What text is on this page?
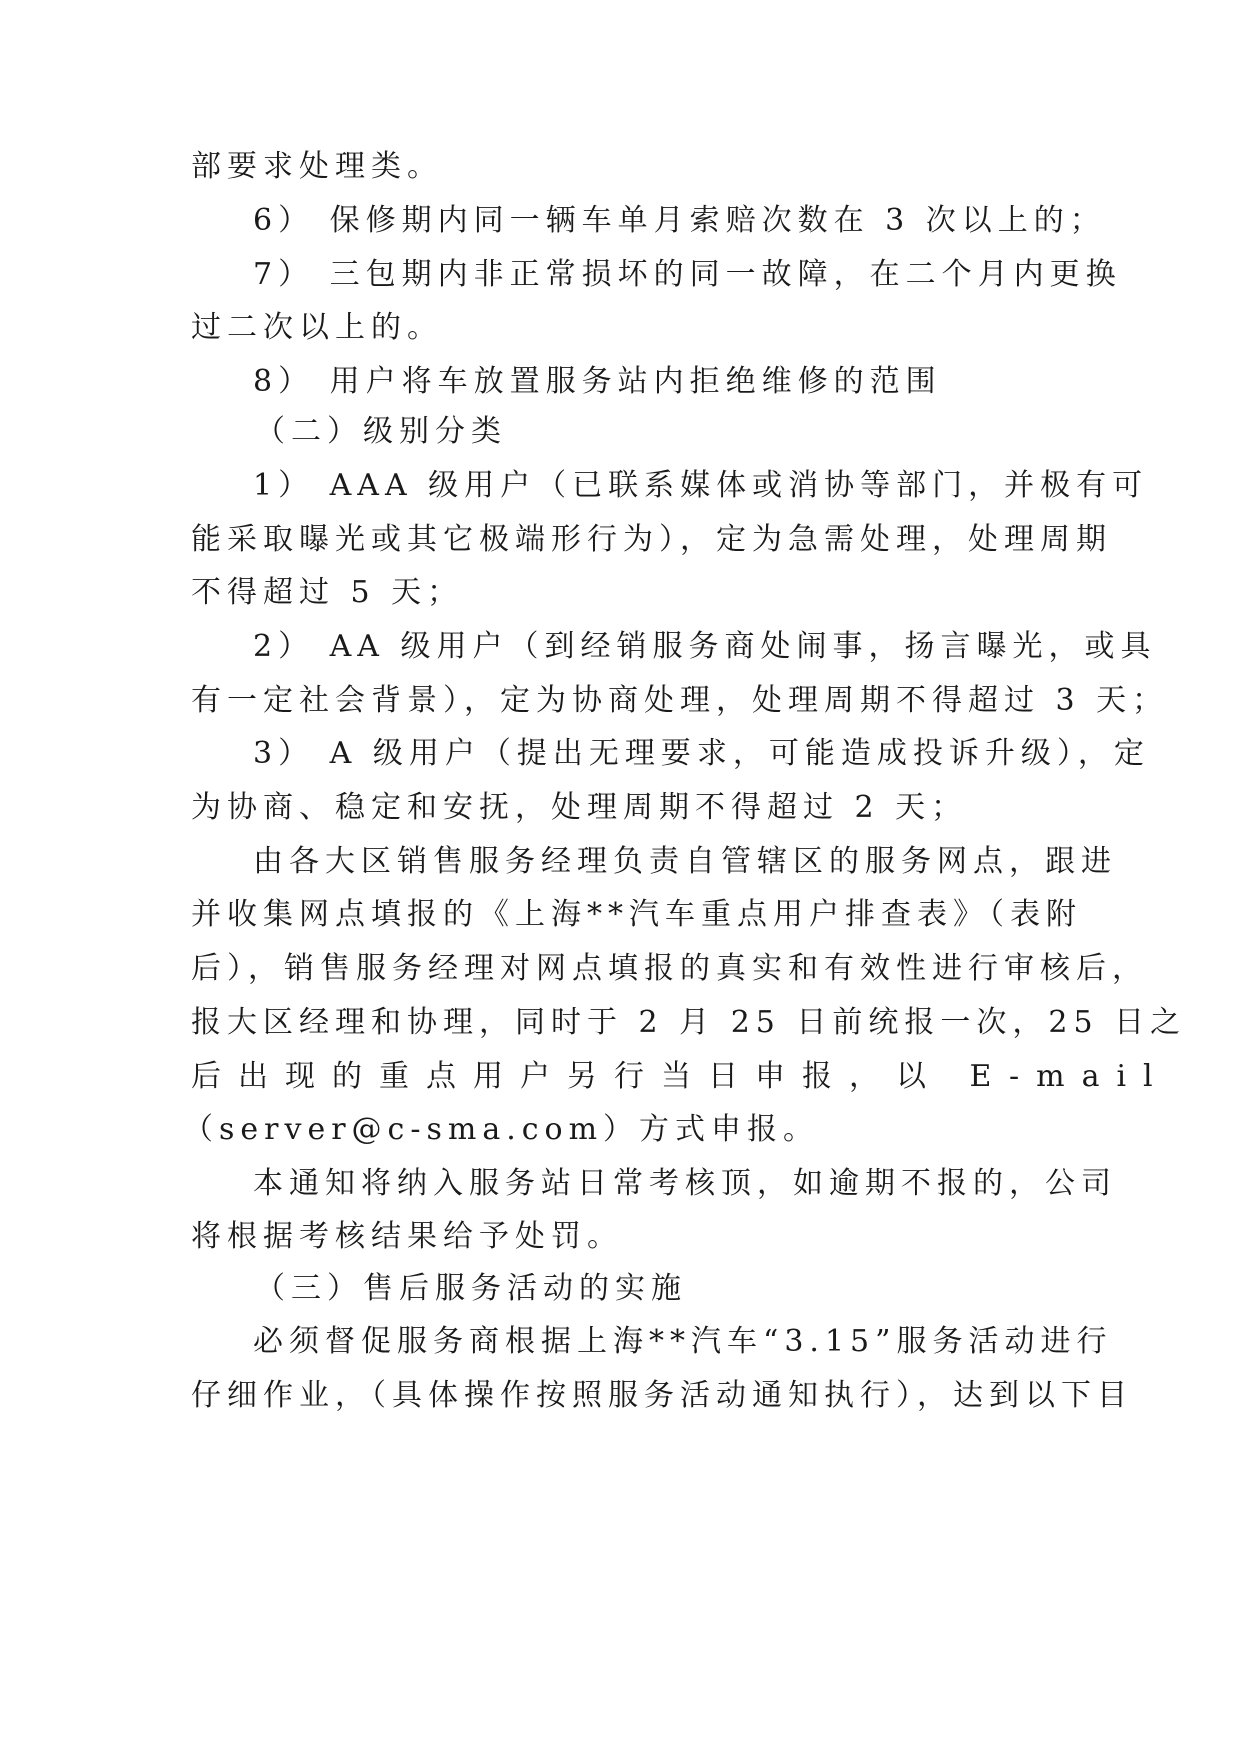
部要求处理类。
6） 保修期内同一辆车单月索赔次数在 3 次以上的；
7） 三包期内非正常损坏的同一故障，在二个月内更换
过二次以上的。
8） 用户将车放置服务站内拒绝维修的范围
（二）级别分类
1） AAA 级用户（已联系媒体或消协等部门，并极有可
能采取曝光或其它极端形行为），定为急需处理，处理周期
不得超过 5 天；
2） AA 级用户（到经销服务商处闹事，扬言曝光，或具
有一定社会背景），定为协商处理，处理周期不得超过 3 天；
3） A 级用户（提出无理要求，可能造成投诉升级），定
为协商、稳定和安抚，处理周期不得超过 2 天；
由各大区销售服务经理负责自管辖区的服务网点，跟进
并收集网点填报的《上海**汽车重点用户排查表》（表附
后），销售服务经理对网点填报的真实和有效性进行审核后，
报大区经理和协理，同时于 2 月 25 日前统报一次，25 日之
后出现的重点用户另行当日申报，以 E-mail
（server@c-sma.com）方式申报。
本通知将纳入服务站日常考核顶，如逾期不报的，公司
将根据考核结果给予处罚。
（三）售后服务活动的实施
必须督促服务商根据上海**汽车“3.15”服务活动进行
仔细作业，（具体操作按照服务活动通知执行），达到以下目
